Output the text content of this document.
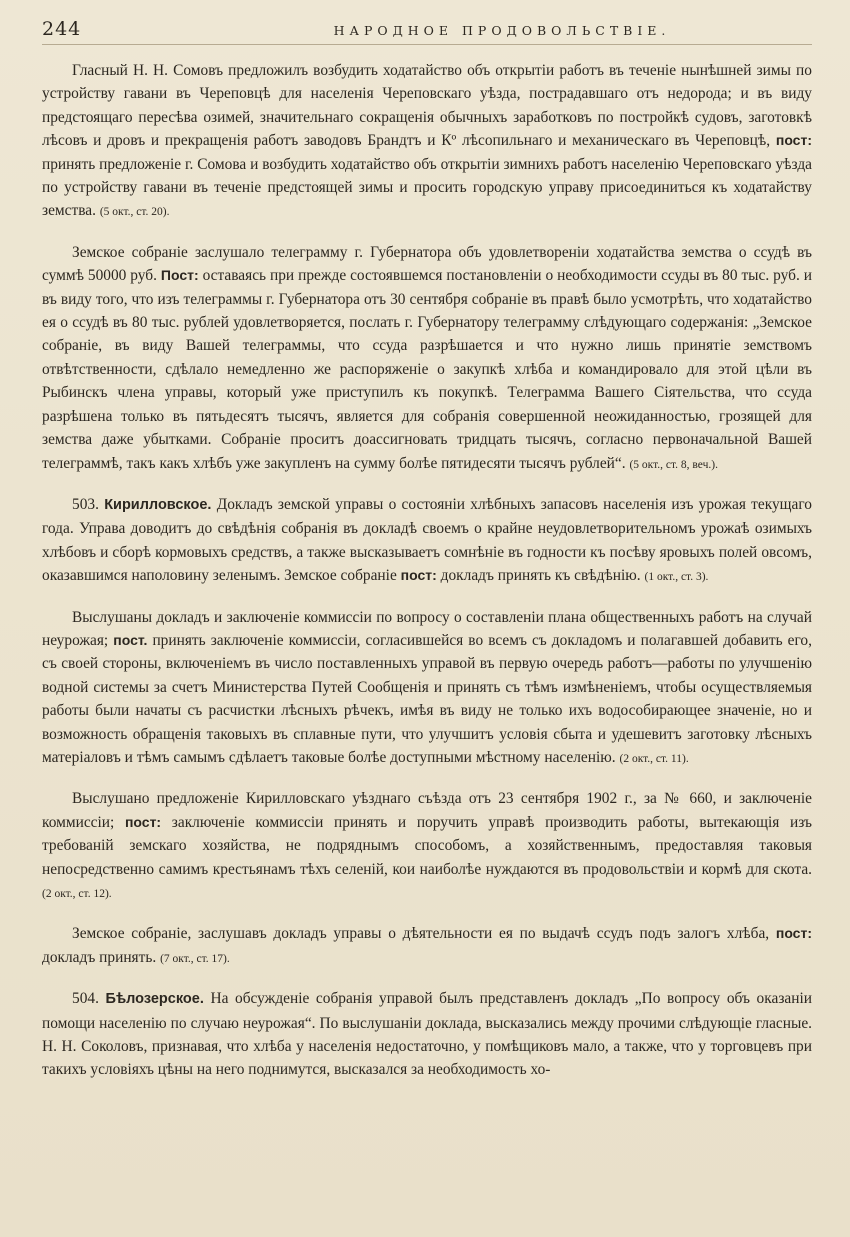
244	НАРОДНОЕ ПРОДОВОЛЬСТВІЕ.

Гласный Н. Н. Сомовъ предложилъ возбудить ходатайство объ открытіи работъ въ теченіе нынѣшней зимы по устройству гавани въ Череповцѣ для населенія Череповскаго уѣзда, пострадавшаго отъ недорода; и въ виду предстоящаго пересѣва озимей, значительнаго сокращенія обычныхъ заработковъ по постройкѣ судовъ, заготовкѣ лѣсовъ и дровъ и прекращенія работъ заводовъ Брандтъ и Кº лѣсопильнаго и механическаго въ Череповцѣ, пост: принять предложеніе г. Сомова и возбудить ходатайство объ открытіи зимнихъ работъ населенію Череповскаго уѣзда по устройству гавани въ теченіе предстоящей зимы и просить городскую управу присоединиться къ ходатайству земства. (5 окт., ст. 20).

Земское собраніе заслушало телеграмму г. Губернатора объ удовлетвореніи ходатайства земства о ссудѣ въ суммѣ 50000 руб. Пост: оставаясь при прежде состоявшемся постановленіи о необходимости ссуды въ 80 тыс. руб. и въ виду того, что изъ телеграммы г. Губернатора отъ 30 сентября собраніе въ правѣ было усмотрѣть, что ходатайство ея о ссудѣ въ 80 тыс. рублей удовлетворяется, послать г. Губернатору телеграмму слѣдующаго содержанія: „Земское собраніе, въ виду Вашей телеграммы, что ссуда разрѣшается и что нужно лишь принятіе земствомъ отвѣтственности, сдѣлало немедленно же распоряженіе о закупкѣ хлѣба и командировало для этой цѣли въ Рыбинскъ члена управы, который уже приступилъ къ покупкѣ. Телеграмма Вашего Сіятельства, что ссуда разрѣшена только въ пятьдесятъ тысячъ, является для собранія совершенной неожиданностью, грозящей для земства даже убытками. Собраніе проситъ доассигновать тридцать тысячъ, согласно первоначальной Вашей телеграммѣ, такъ какъ хлѣбъ уже закупленъ на сумму болѣе пятидесяти тысячъ рублей“. (5 окт., ст. 8, веч.).

503. Кирилловское. Докладъ земской управы о состояніи хлѣбныхъ запасовъ населенія изъ урожая текущаго года. Управа доводитъ до свѣдѣнія собранія въ докладѣ своемъ о крайне неудовлетворительномъ урожаѣ озимыхъ хлѣбовъ и сборѣ кормовыхъ средствъ, а также высказываетъ сомнѣніе въ годности къ посѣву яровыхъ полей овсомъ, оказавшимся наполовину зеленымъ. Земское собраніе пост: докладъ принять къ свѣдѣнію. (1 окт., ст. 3).

Выслушаны докладъ и заключеніе коммиссіи по вопросу о составленіи плана общественныхъ работъ на случай неурожая; пост. принять заключеніе коммиссіи, согласившейся во всемъ съ докладомъ и полагавшей добавить его, съ своей стороны, включеніемъ въ число поставленныхъ управой въ первую очередь работъ—работы по улучшенію водной системы за счетъ Министерства Путей Сообщенія и принять съ тѣмъ измѣненіемъ, чтобы осуществляемыя работы были начаты съ расчистки лѣсныхъ рѣчекъ, имѣя въ виду не только ихъ водособирающее значеніе, но и возможность обращенія таковыхъ въ сплавные пути, что улучшитъ условія сбыта и удешевитъ заготовку лѣсныхъ матеріаловъ и тѣмъ самымъ сдѣлаетъ таковые болѣе доступными мѣстному населенію. (2 окт., ст. 11).

Выслушано предложеніе Кирилловскаго уѣзднаго съѣзда отъ 23 сентября 1902 г., за № 660, и заключеніе коммиссіи; пост: заключеніе коммиссіи принять и поручить управѣ производить работы, вытекающія изъ требованій земскаго хозяйства, не подряднымъ способомъ, а хозяйственнымъ, предоставляя таковыя непосредственно самимъ крестьянамъ тѣхъ селеній, кои наиболѣе нуждаются въ продовольствіи и кормѣ для скота. (2 окт., ст. 12).

Земское собраніе, заслушавъ докладъ управы о дѣятельности ея по выдачѣ ссудъ подъ залогъ хлѣба, пост: докладъ принять. (7 окт., ст. 17).

504. Бѣлозерское. На обсужденіе собранія управой былъ представленъ докладъ „По вопросу объ оказаніи помощи населенію по случаю неурожая“. По выслушаніи доклада, высказались между прочими слѣдующіе гласные. Н. Н. Соколовъ, признавая, что хлѣба у населенія недостаточно, у помѣщиковъ мало, а также, что у торговцевъ при такихъ условіяхъ цѣны на него поднимутся, высказался за необходимость хо-
